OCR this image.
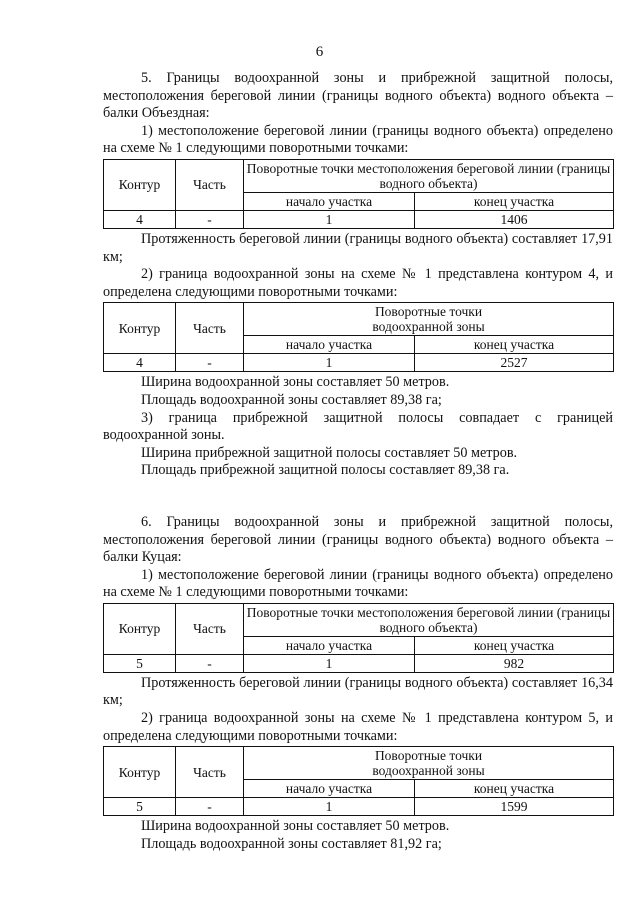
6

5. Границы водоохранной зоны и прибрежной защитной полосы, местоположения береговой линии (границы водного объекта) водного объекта – балки Объездная:

1) местоположение береговой линии (границы водного объекта) определено на схеме № 1 следующими поворотными точками:

Контур	Часть	Поворотные точки местоположения береговой линии (границы водного объекта)	
		начало участка	конец участка
4	-	1	1406

Протяженность береговой линии (границы водного объекта) составляет 17,91 км;

2) граница водоохранной зоны на схеме № 1 представлена контуром 4, и определена следующими поворотными точками:

Контур	Часть	Поворотные точки
водоохранной зоны	

		начало участка	конец участка
4	-	1	2527

Ширина водоохранной зоны составляет 50 метров.

Площадь водоохранной зоны составляет 89,38 га;

3) граница прибрежной защитной полосы совпадает с границей водоохранной зоны.

Ширина прибрежной защитной полосы составляет 50 метров.

Площадь прибрежной защитной полосы составляет 89,38 га.

6. Границы водоохранной зоны и прибрежной защитной полосы, местоположения береговой линии (границы водного объекта) водного объекта – балки Куцая:

1) местоположение береговой линии (границы водного объекта) определено на схеме № 1 следующими поворотными точками:

Контур	Часть	Поворотные точки местоположения береговой линии (границы водного объекта)	
		начало участка	конец участка
5	-	1	982

Протяженность береговой линии (границы водного объекта) составляет 16,34 км;

2) граница водоохранной зоны на схеме № 1 представлена контуром 5, и определена следующими поворотными точками:

Контур	Часть	Поворотные точки
водоохранной зоны	

		начало участка	конец участка
5	-	1	1599

Ширина водоохранной зоны составляет 50 метров.

Площадь водоохранной зоны составляет 81,92 га;
